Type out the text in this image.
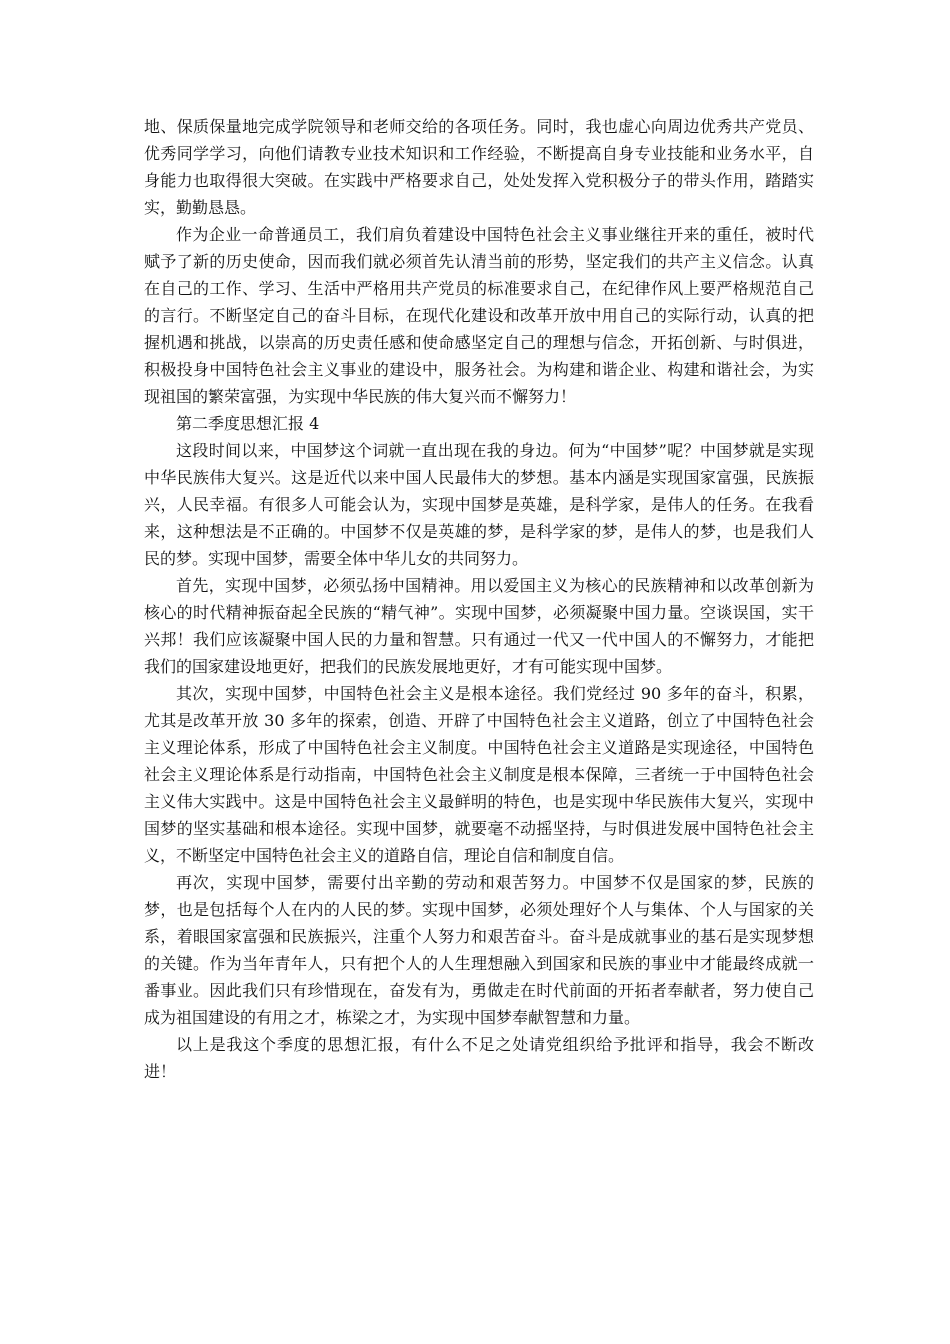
地、保质保量地完成学院领导和老师交给的各项任务。同时，我也虚心向周边优秀共产党员、优秀同学学习，向他们请教专业技术知识和工作经验，不断提高自身专业技能和业务水平，自身能力也取得很大突破。在实践中严格要求自己，处处发挥入党积极分子的带头作用，踏踏实实，勤勤恳恳。

作为企业一命普通员工，我们肩负着建设中国特色社会主义事业继往开来的重任，被时代赋予了新的历史使命，因而我们就必须首先认清当前的形势，坚定我们的共产主义信念。认真在自己的工作、学习、生活中严格用共产党员的标准要求自己，在纪律作风上要严格规范自己的言行。不断坚定自己的奋斗目标，在现代化建设和改革开放中用自己的实际行动，认真的把握机遇和挑战，以崇高的历史责任感和使命感坚定自己的理想与信念，开拓创新、与时俱进，积极投身中国特色社会主义事业的建设中，服务社会。为构建和谐企业、构建和谐社会，为实现祖国的繁荣富强，为实现中华民族的伟大复兴而不懈努力！

第二季度思想汇报 4

这段时间以来，中国梦这个词就一直出现在我的身边。何为“中国梦”呢？中国梦就是实现中华民族伟大复兴。这是近代以来中国人民最伟大的梦想。基本内涵是实现国家富强，民族振兴，人民幸福。有很多人可能会认为，实现中国梦是英雄，是科学家，是伟人的任务。在我看来，这种想法是不正确的。中国梦不仅是英雄的梦，是科学家的梦，是伟人的梦，也是我们人民的梦。实现中国梦，需要全体中华儿女的共同努力。

首先，实现中国梦，必须弘扬中国精神。用以爱国主义为核心的民族精神和以改革创新为核心的时代精神振奋起全民族的“精气神”。实现中国梦，必须凝聚中国力量。空谈误国，实干兴邦！我们应该凝聚中国人民的力量和智慧。只有通过一代又一代中国人的不懈努力，才能把我们的国家建设地更好，把我们的民族发展地更好，才有可能实现中国梦。

其次，实现中国梦，中国特色社会主义是根本途径。我们党经过 90 多年的奋斗，积累，尤其是改革开放 30 多年的探索，创造、开辟了中国特色社会主义道路，创立了中国特色社会主义理论体系，形成了中国特色社会主义制度。中国特色社会主义道路是实现途径，中国特色社会主义理论体系是行动指南，中国特色社会主义制度是根本保障，三者统一于中国特色社会主义伟大实践中。这是中国特色社会主义最鲜明的特色，也是实现中华民族伟大复兴，实现中国梦的坚实基础和根本途径。实现中国梦，就要毫不动摇坚持，与时俱进发展中国特色社会主义，不断坚定中国特色社会主义的道路自信，理论自信和制度自信。

再次，实现中国梦，需要付出辛勤的劳动和艰苦努力。中国梦不仅是国家的梦，民族的梦，也是包括每个人在内的人民的梦。实现中国梦，必须处理好个人与集体、个人与国家的关系，着眼国家富强和民族振兴，注重个人努力和艰苦奋斗。奋斗是成就事业的基石是实现梦想的关键。作为当年青年人，只有把个人的人生理想融入到国家和民族的事业中才能最终成就一番事业。因此我们只有珍惜现在，奋发有为，勇做走在时代前面的开拓者奉献者，努力使自己成为祖国建设的有用之才，栋梁之才，为实现中国梦奉献智慧和力量。

以上是我这个季度的思想汇报，有什么不足之处请党组织给予批评和指导，我会不断改进！
